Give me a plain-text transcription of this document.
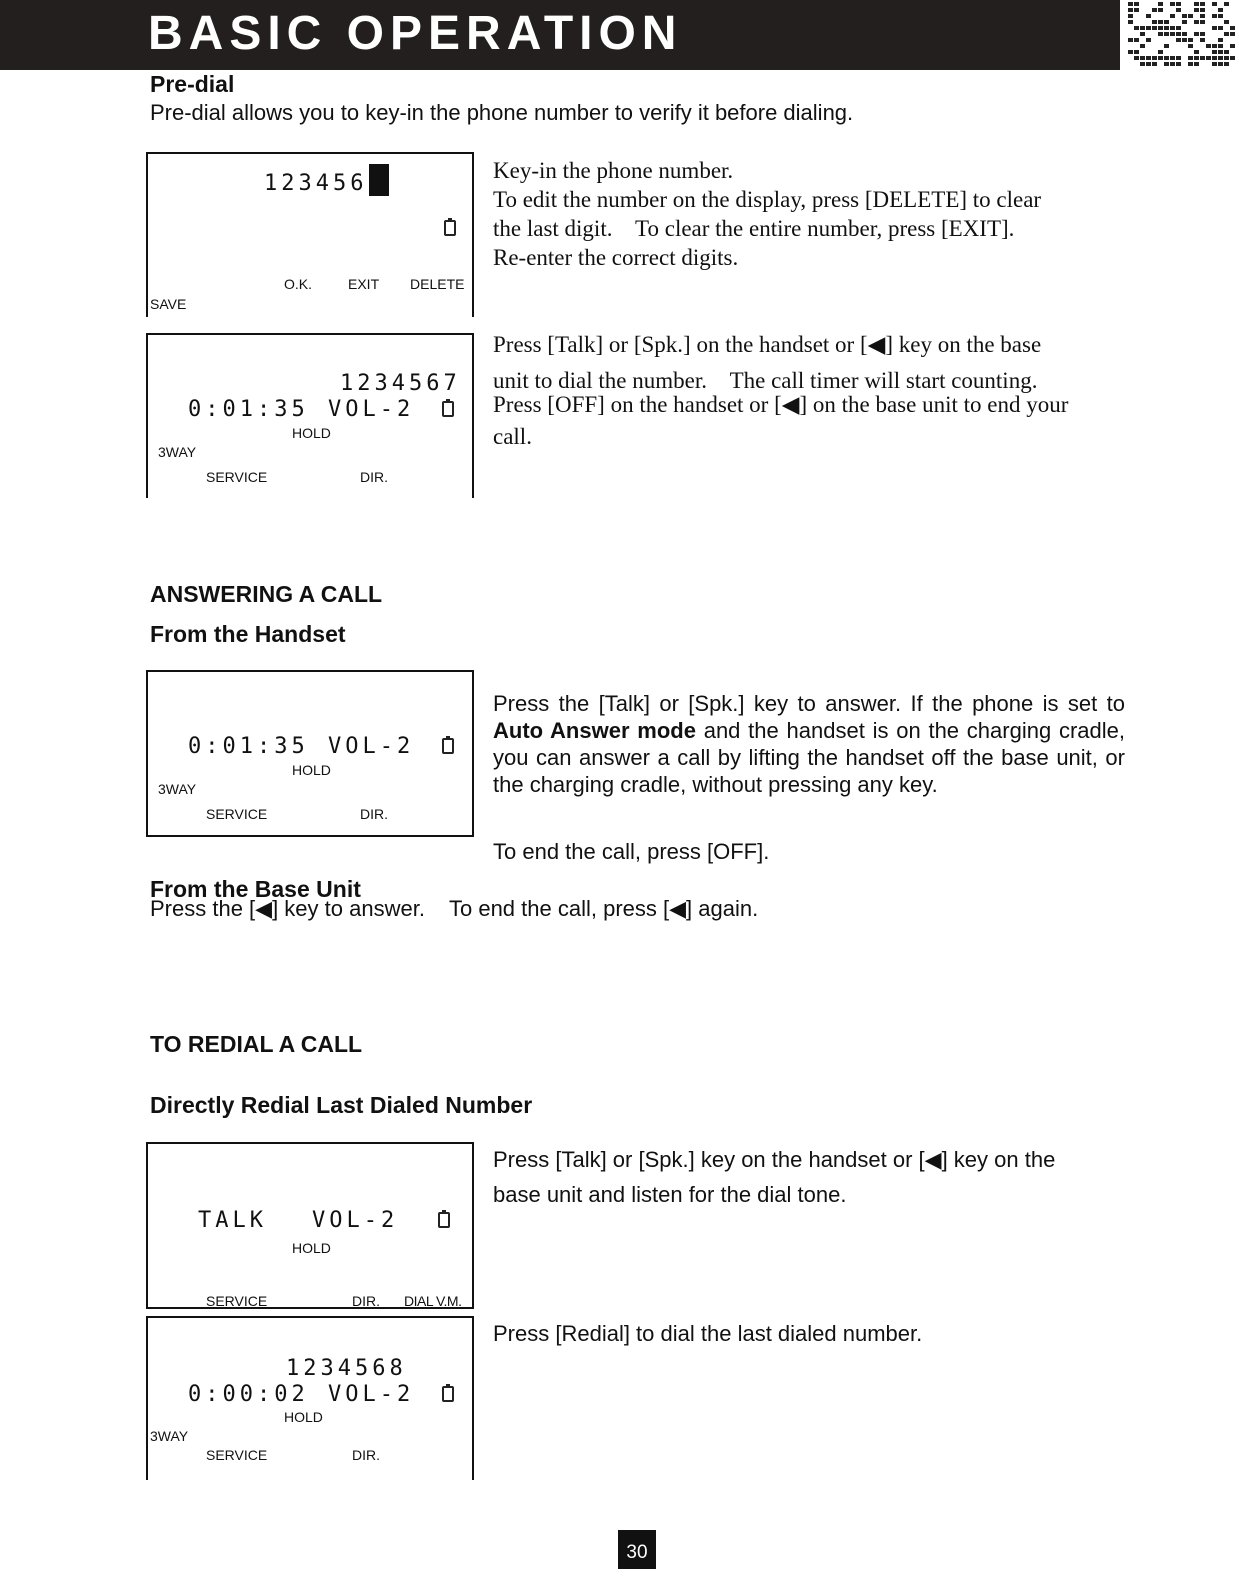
BASIC OPERATION
Pre-dial
Pre-dial allows you to key-in the phone number to verify it before dialing.
123456
O.K.	EXIT DELETE
SAVE
Key-in the phone number.
To edit the number on the display, press [DELETE] to clear
the last digit.    To clear the entire number, press [EXIT].
Re-enter the correct digits.
1234567
0:01:35 VOL-2
HOLD
3WAY
SERVICE	DIR.
Press [Talk] or [Spk.] on the handset or [◀] key on the base
unit to dial the number.    The call timer will start counting.
Press [OFF] on the handset or [◀] on the base unit to end your
call.
ANSWERING A CALL
From the Handset
0:01:35 VOL-2
HOLD
3WAY
SERVICE	DIR.
Press the [Talk] or [Spk.] key to answer. If the phone is set to Auto Answer mode and the handset is on the charging cradle, you can answer a call by lifting the handset off the base unit, or the charging cradle, without pressing any key.
To end the call, press [OFF].
From the Base Unit
Press the [◀] key to answer.    To end the call, press [◀] again.
TO REDIAL A CALL
Directly Redial Last Dialed Number
TALK VOL-2
HOLD
SERVICE	DIR. DIAL V.M.
Press [Talk] or [Spk.] key on the handset or [◀] key on the
base unit and listen for the dial tone.
1234568
0:00:02 VOL-2
HOLD
3WAY
SERVICE	DIR.
Press [Redial] to dial the last dialed number.
30
